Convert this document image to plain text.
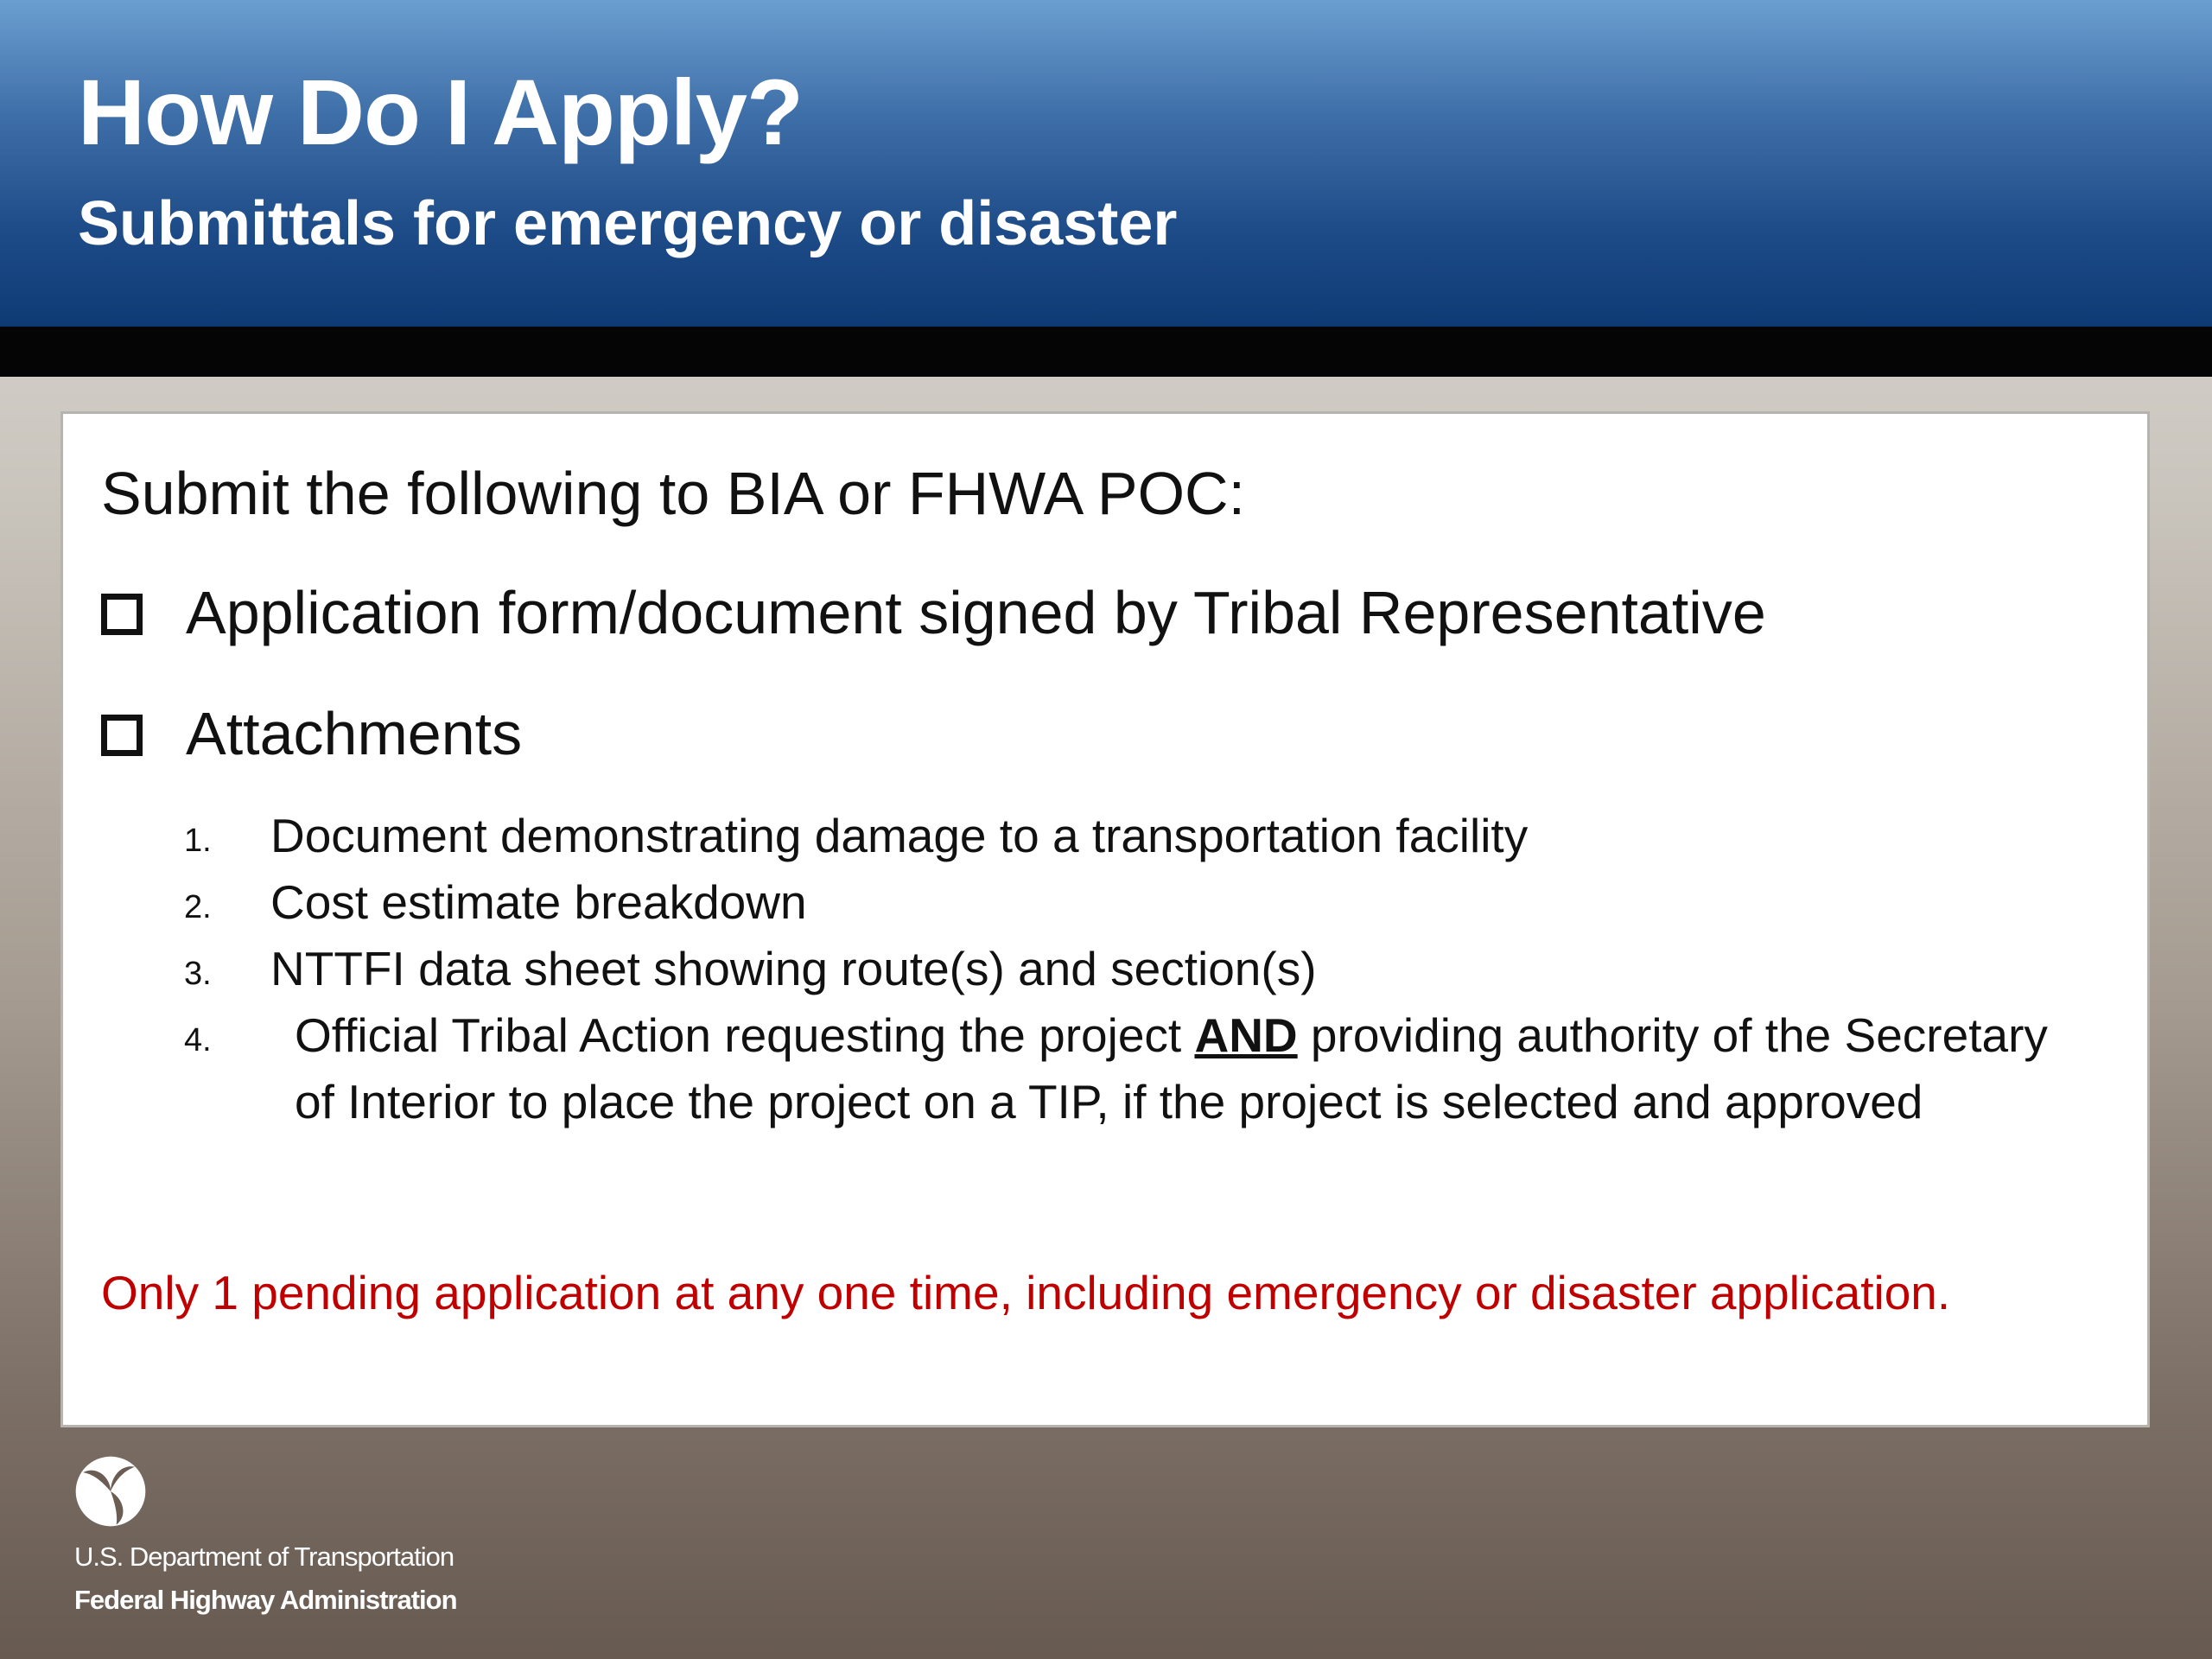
How Do I Apply?
Submittals for emergency or disaster

Submit the following to BIA or FHWA POC:

Application form/document signed by Tribal Representative
Attachments
1. Document demonstrating damage to a transportation facility
2. Cost estimate breakdown
3. NTTFI data sheet showing route(s) and section(s)
4. Official Tribal Action requesting the project AND providing authority of the Secretary of Interior to place the project on a TIP, if the project is selected and approved

Only 1 pending application at any one time, including emergency or disaster application.

U.S. Department of Transportation

Federal Highway Administration
